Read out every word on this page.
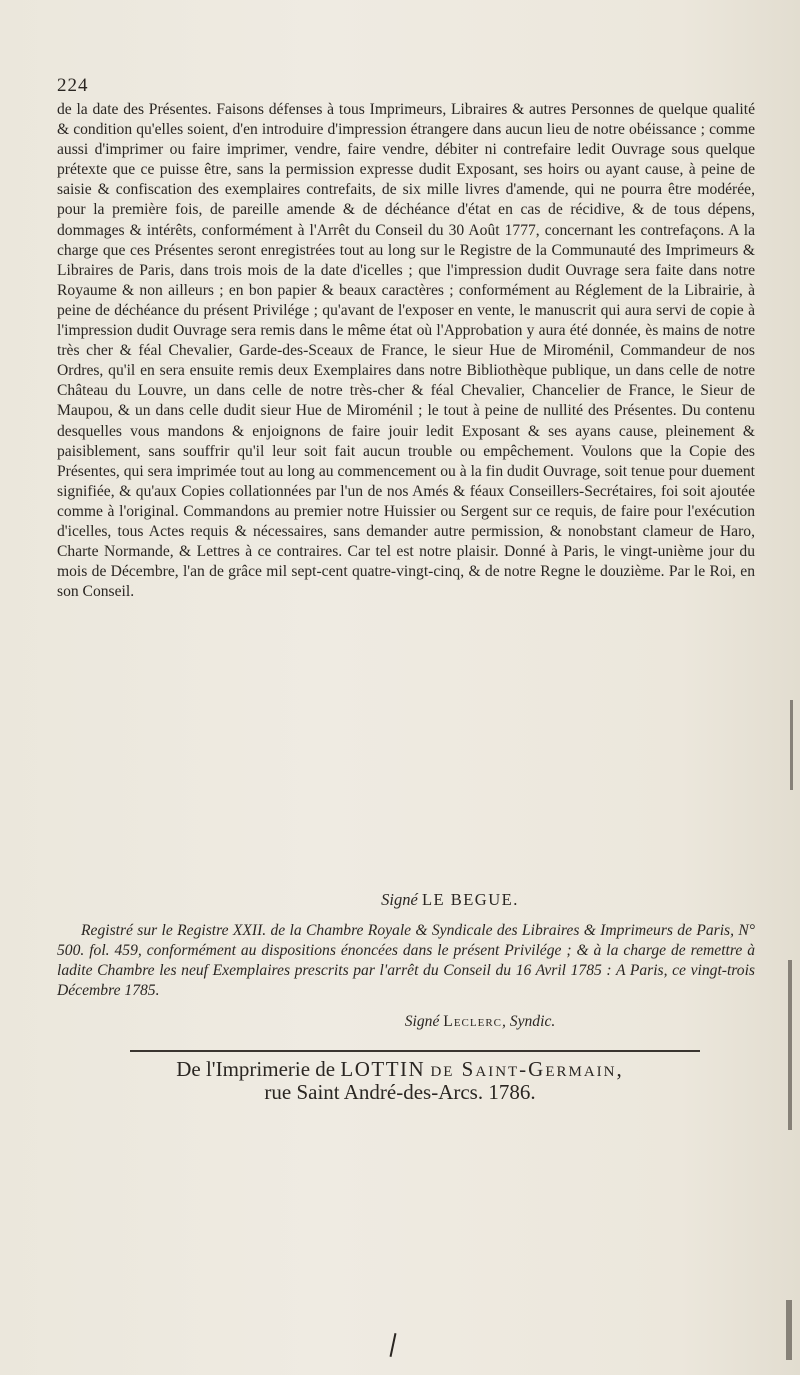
224

de la date des Présentes. Faisons défenses à tous Imprimeurs, Libraires & autres Personnes de quelque qualité & condition qu'elles soient, d'en introduire d'impression étrangere dans aucun lieu de notre obéissance ; comme aussi d'imprimer ou faire imprimer, vendre, faire vendre, débiter ni contrefaire ledit Ouvrage sous quelque prétexte que ce puisse être, sans la permission expresse dudit Exposant, ses hoirs ou ayant cause, à peine de saisie & confiscation des exemplaires contrefaits, de six mille livres d'amende, qui ne pourra être modérée, pour la première fois, de pareille amende & de déchéance d'état en cas de récidive, & de tous dépens, dommages & intérêts, conformément à l'Arrêt du Conseil du 30 Août 1777, concernant les contrefaçons. A la charge que ces Présentes seront enregistrées tout au long sur le Registre de la Communauté des Imprimeurs & Libraires de Paris, dans trois mois de la date d'icelles ; que l'impression dudit Ouvrage sera faite dans notre Royaume & non ailleurs ; en bon papier & beaux caractères ; conformément au Réglement de la Librairie, à peine de déchéance du présent Privilége ; qu'avant de l'exposer en vente, le manuscrit qui aura servi de copie à l'impression dudit Ouvrage sera remis dans le même état où l'Approbation y aura été donnée, ès mains de notre très cher & féal Chevalier, Garde-des-Sceaux de France, le sieur Hue de Miroménil, Commandeur de nos Ordres, qu'il en sera ensuite remis deux Exemplaires dans notre Bibliothèque publique, un dans celle de notre Château du Louvre, un dans celle de notre très-cher & féal Chevalier, Chancelier de France, le Sieur de Maupou, & un dans celle dudit sieur Hue de Miroménil ; le tout à peine de nullité des Présentes. Du contenu desquelles vous mandons & enjoignons de faire jouir ledit Exposant & ses ayans cause, pleinement & paisiblement, sans souffrir qu'il leur soit fait aucun trouble ou empêchement. Voulons que la Copie des Présentes, qui sera imprimée tout au long au commencement ou à la fin dudit Ouvrage, soit tenue pour duement signifiée, & qu'aux Copies collationnées par l'un de nos Amés & féaux Conseillers-Secrétaires, foi soit ajoutée comme à l'original. Commandons au premier notre Huissier ou Sergent sur ce requis, de faire pour l'exécution d'icelles, tous Actes requis & nécessaires, sans demander autre permission, & nonobstant clameur de Haro, Charte Normande, & Lettres à ce contraires. Car tel est notre plaisir. Donné à Paris, le vingt-unième jour du mois de Décembre, l'an de grâce mil sept-cent quatre-vingt-cinq, & de notre Regne le douzième. Par le Roi, en son Conseil.

Signé LE BEGUE.
Registré sur le Registre XXII. de la Chambre Royale & Syndicale des Libraires & Imprimeurs de Paris, N° 500. fol. 459, conformément au dispositions énoncées dans le présent Privilége ; & à la charge de remettre à ladite Chambre les neuf Exemplaires prescrits par l'arrêt du Conseil du 16 Avril 1785 : A Paris, ce vingt-trois Décembre 1785.
Signé Leclerc, Syndic.
De l'Imprimerie de LOTTIN de Saint-Germain,
rue Saint André-des-Arcs. 1786.
